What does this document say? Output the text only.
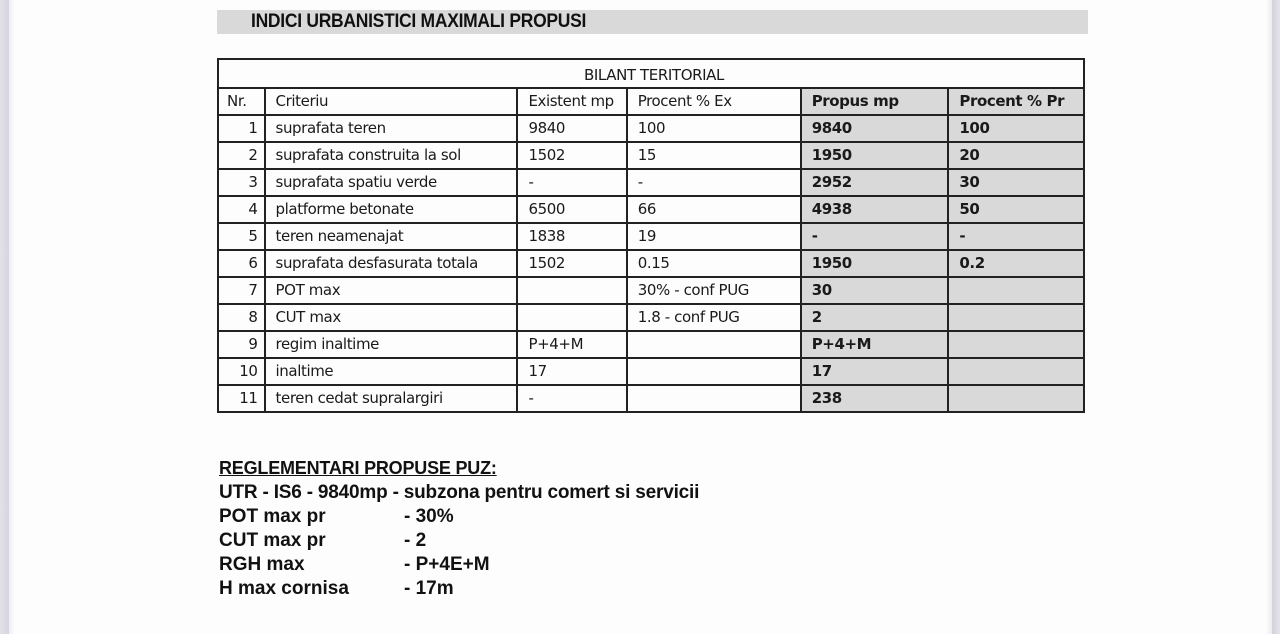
INDICI URBANISTICI MAXIMALI PROPUSI
BILANT TERITORIAL					
Nr.	Criteriu	Existent mp	Procent % Ex	Propus mp	Procent % Pr
1	suprafata teren	9840	100	9840	100
2	suprafata construita la sol	1502	15	1950	20
3	suprafata spatiu verde	-	-	2952	30
4	platforme betonate	6500	66	4938	50
5	teren neamenajat	1838	19	-	-
6	suprafata desfasurata totala	1502	0.15	1950	0.2
7	POT max		30% - conf PUG	30	
8	CUT max		1.8 - conf PUG	2	
9	regim inaltime	P+4+M		P+4+M	
10	inaltime	17		17	
11	teren cedat supralargiri	-		238	
REGLEMENTARI PROPUSE PUZ:
UTR - IS6 - 9840mp - subzona pentru comert si servicii
POT max pr	- 30%
CUT max pr	- 2
RGH max	- P+4E+M
H max cornisa	- 17m
